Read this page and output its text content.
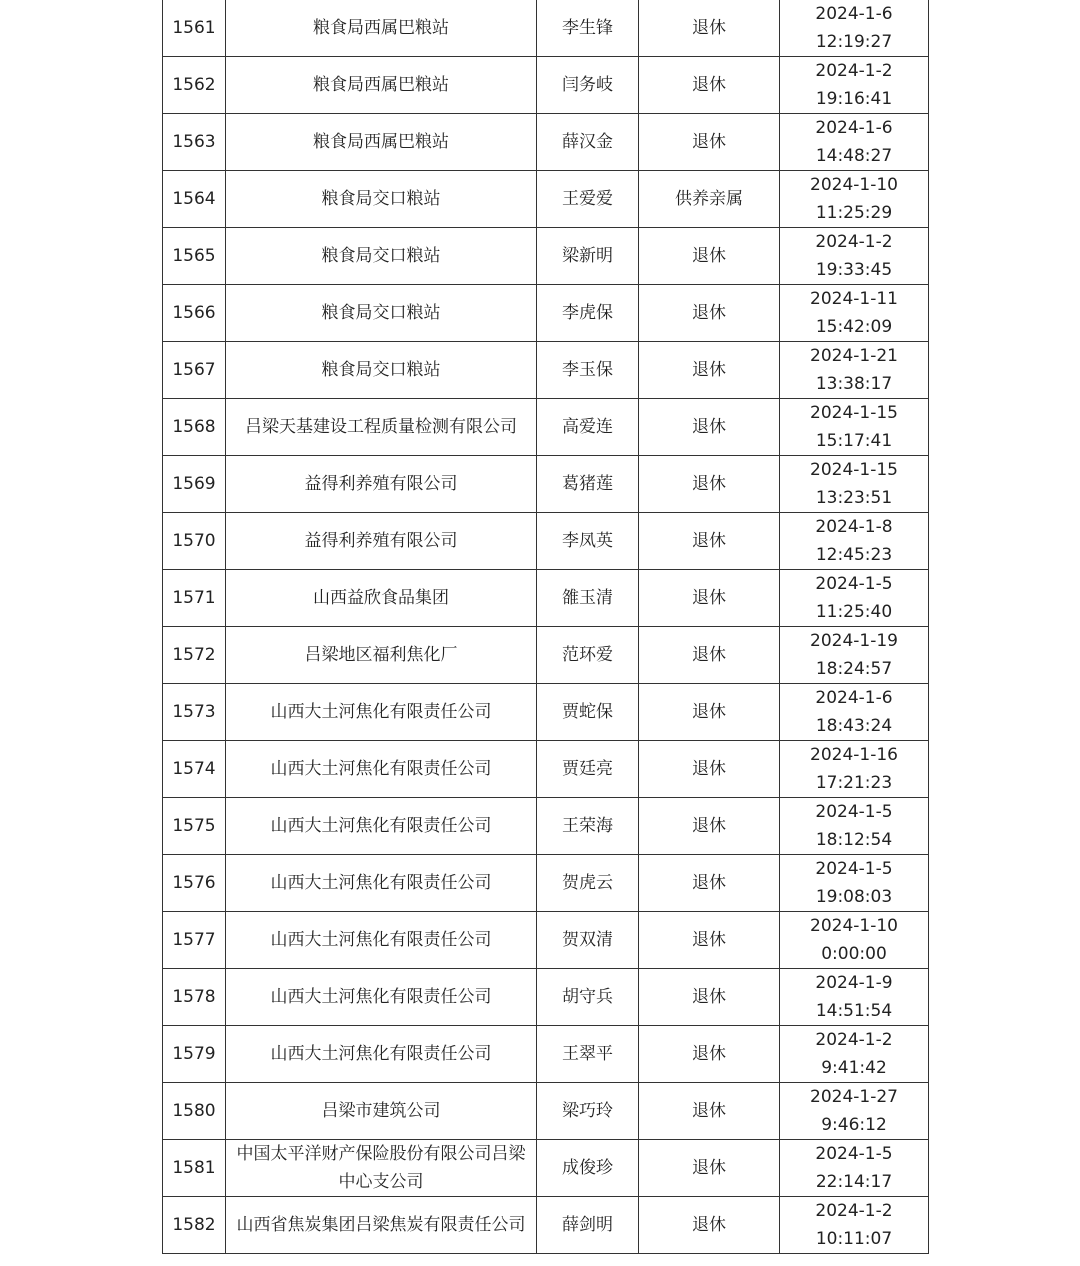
1561	粮食局西属巴粮站	李生锋	退休	2024-1-6
12:19:27
1562	粮食局西属巴粮站	闫务岐	退休	2024-1-2
19:16:41
1563	粮食局西属巴粮站	薛汉金	退休	2024-1-6
14:48:27
1564	粮食局交口粮站	王爱爱	供养亲属	2024-1-10
11:25:29
1565	粮食局交口粮站	梁新明	退休	2024-1-2
19:33:45
1566	粮食局交口粮站	李虎保	退休	2024-1-11
15:42:09
1567	粮食局交口粮站	李玉保	退休	2024-1-21
13:38:17
1568	吕梁天基建设工程质量检测有限公司	高爱连	退休	2024-1-15
15:17:41
1569	益得利养殖有限公司	葛猪莲	退休	2024-1-15
13:23:51
1570	益得利养殖有限公司	李凤英	退休	2024-1-8
12:45:23
1571	山西益欣食品集团	雒玉清	退休	2024-1-5
11:25:40
1572	吕梁地区福利焦化厂	范环爱	退休	2024-1-19
18:24:57
1573	山西大土河焦化有限责任公司	贾蛇保	退休	2024-1-6
18:43:24
1574	山西大土河焦化有限责任公司	贾廷亮	退休	2024-1-16
17:21:23
1575	山西大土河焦化有限责任公司	王荣海	退休	2024-1-5
18:12:54
1576	山西大土河焦化有限责任公司	贺虎云	退休	2024-1-5
19:08:03
1577	山西大土河焦化有限责任公司	贺双清	退休	2024-1-10
0:00:00
1578	山西大土河焦化有限责任公司	胡守兵	退休	2024-1-9
14:51:54
1579	山西大土河焦化有限责任公司	王翠平	退休	2024-1-2
9:41:42
1580	吕梁市建筑公司	梁巧玲	退休	2024-1-27
9:46:12
1581	中国太平洋财产保险股份有限公司吕梁中心支公司	成俊珍	退休	2024-1-5
22:14:17
1582	山西省焦炭集团吕梁焦炭有限责任公司	薛剑明	退休	2024-1-2
10:11:07
